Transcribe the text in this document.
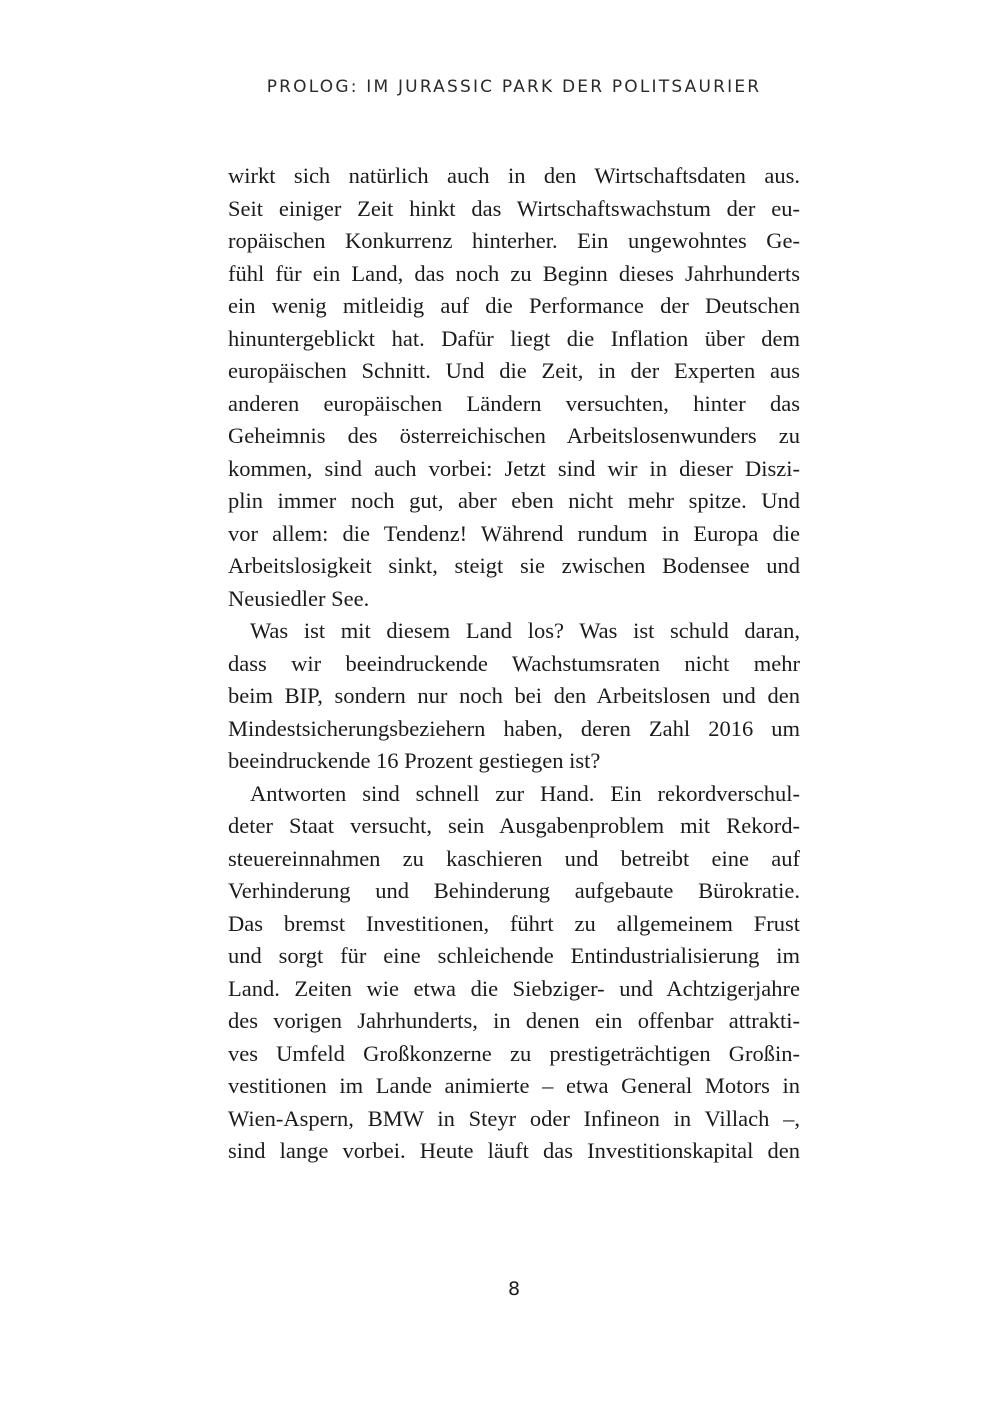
PROLOG: IM JURASSIC PARK DER POLITSAURIER
wirkt sich natürlich auch in den Wirtschaftsdaten aus.
Seit einiger Zeit hinkt das Wirtschaftswachstum der eu-
ropäischen Konkurrenz hinterher. Ein ungewohntes Ge-
fühl für ein Land, das noch zu Beginn dieses Jahrhunderts
ein wenig mitleidig auf die Performance der Deutschen
hinuntergeblickt hat. Dafür liegt die Inflation über dem
europäischen Schnitt. Und die Zeit, in der Experten aus
anderen europäischen Ländern versuchten, hinter das
Geheimnis des österreichischen Arbeitslosenwunders zu
kommen, sind auch vorbei: Jetzt sind wir in dieser Diszi-
plin immer noch gut, aber eben nicht mehr spitze. Und
vor allem: die Tendenz! Während rundum in Europa die
Arbeitslosigkeit sinkt, steigt sie zwischen Bodensee und
Neusiedler See.
Was ist mit diesem Land los? Was ist schuld daran,
dass wir beeindruckende Wachstumsraten nicht mehr
beim BIP, sondern nur noch bei den Arbeitslosen und den
Mindestsicherungsbeziehern haben, deren Zahl 2016 um
beeindruckende 16 Prozent gestiegen ist?
Antworten sind schnell zur Hand. Ein rekordverschul-
deter Staat versucht, sein Ausgabenproblem mit Rekord-
steuereinnahmen zu kaschieren und betreibt eine auf
Verhinderung und Behinderung aufgebaute Bürokratie.
Das bremst Investitionen, führt zu allgemeinem Frust
und sorgt für eine schleichende Entindustrialisierung im
Land. Zeiten wie etwa die Siebziger- und Achtzigerjahre
des vorigen Jahrhunderts, in denen ein offenbar attrakti-
ves Umfeld Großkonzerne zu prestigeträchtigen Großin-
vestitionen im Lande animierte – etwa General Motors in
Wien-Aspern, BMW in Steyr oder Infineon in Villach –,
sind lange vorbei. Heute läuft das Investitionskapital den
8
